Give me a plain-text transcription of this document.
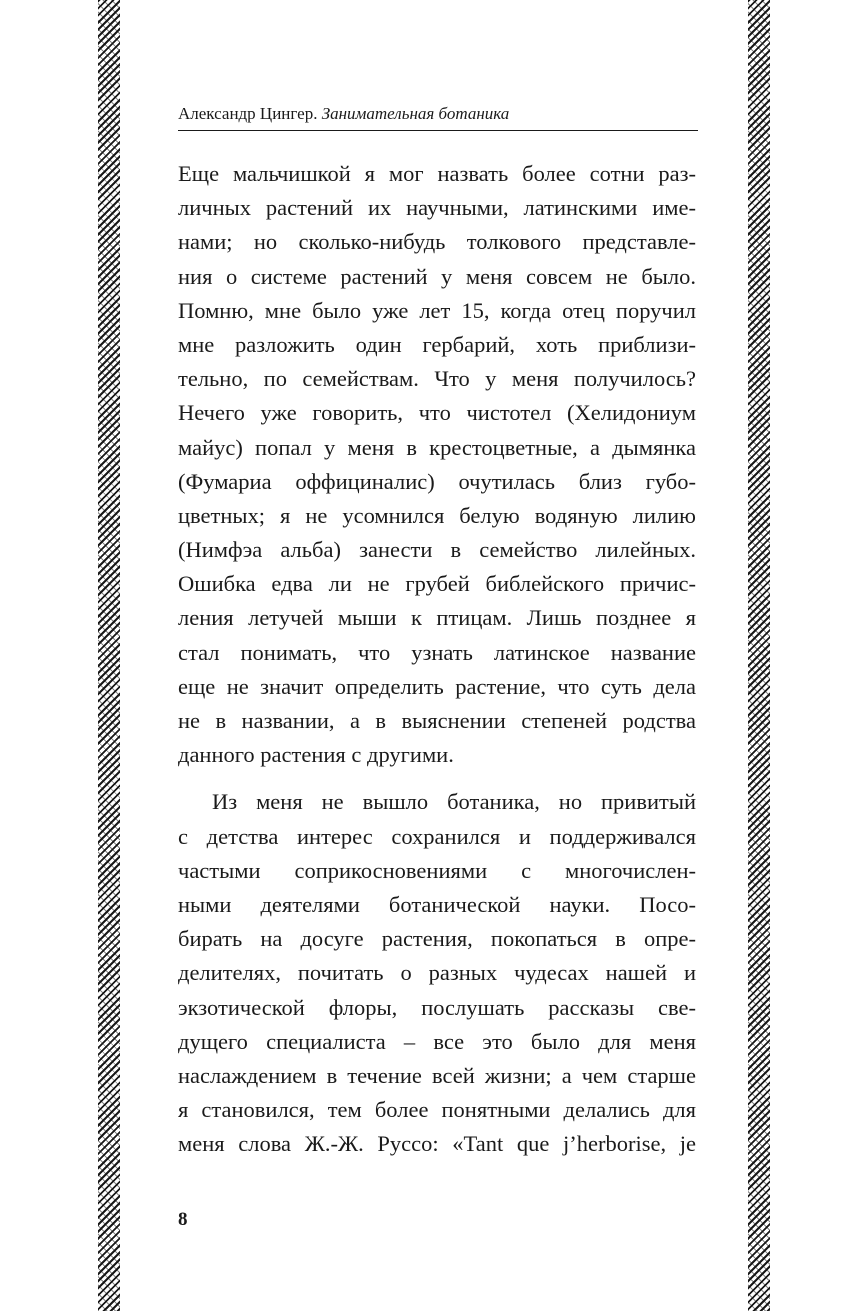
Александр Цингер. Занимательная ботаника
Еще мальчишкой я мог назвать более сотни раз-
личных растений их научными, латинскими име-
нами; но сколько-нибудь толкового представле-
ния о системе растений у меня совсем не было.
Помню, мне было уже лет 15, когда отец поручил
мне разложить один гербарий, хоть приблизи-
тельно, по семействам. Что у меня получилось?
Нечего уже говорить, что чистотел (Хелидониум
майус) попал у меня в крестоцветные, а дымянка
(Фумариа оффициналис) очутилась близ губо-
цветных; я не усомнился белую водяную лилию
(Нимфэа альба) занести в семейство лилейных.
Ошибка едва ли не грубей библейского причис-
ления летучей мыши к птицам. Лишь позднее я
стал понимать, что узнать латинское название
еще не значит определить растение, что суть дела
не в названии, а в выяснении степеней родства
данного растения с другими.
Из меня не вышло ботаника, но привитый
с детства интерес сохранился и поддерживался
частыми соприкосновениями с многочислен-
ными деятелями ботанической науки. Посо-
бирать на досуге растения, покопаться в опре-
делителях, почитать о разных чудесах нашей и
экзотической флоры, послушать рассказы све-
дущего специалиста – все это было для меня
наслаждением в течение всей жизни; а чем старше
я становился, тем более понятными делались для
меня слова Ж.-Ж. Руссо: «Tant que j’herborise, je
8
